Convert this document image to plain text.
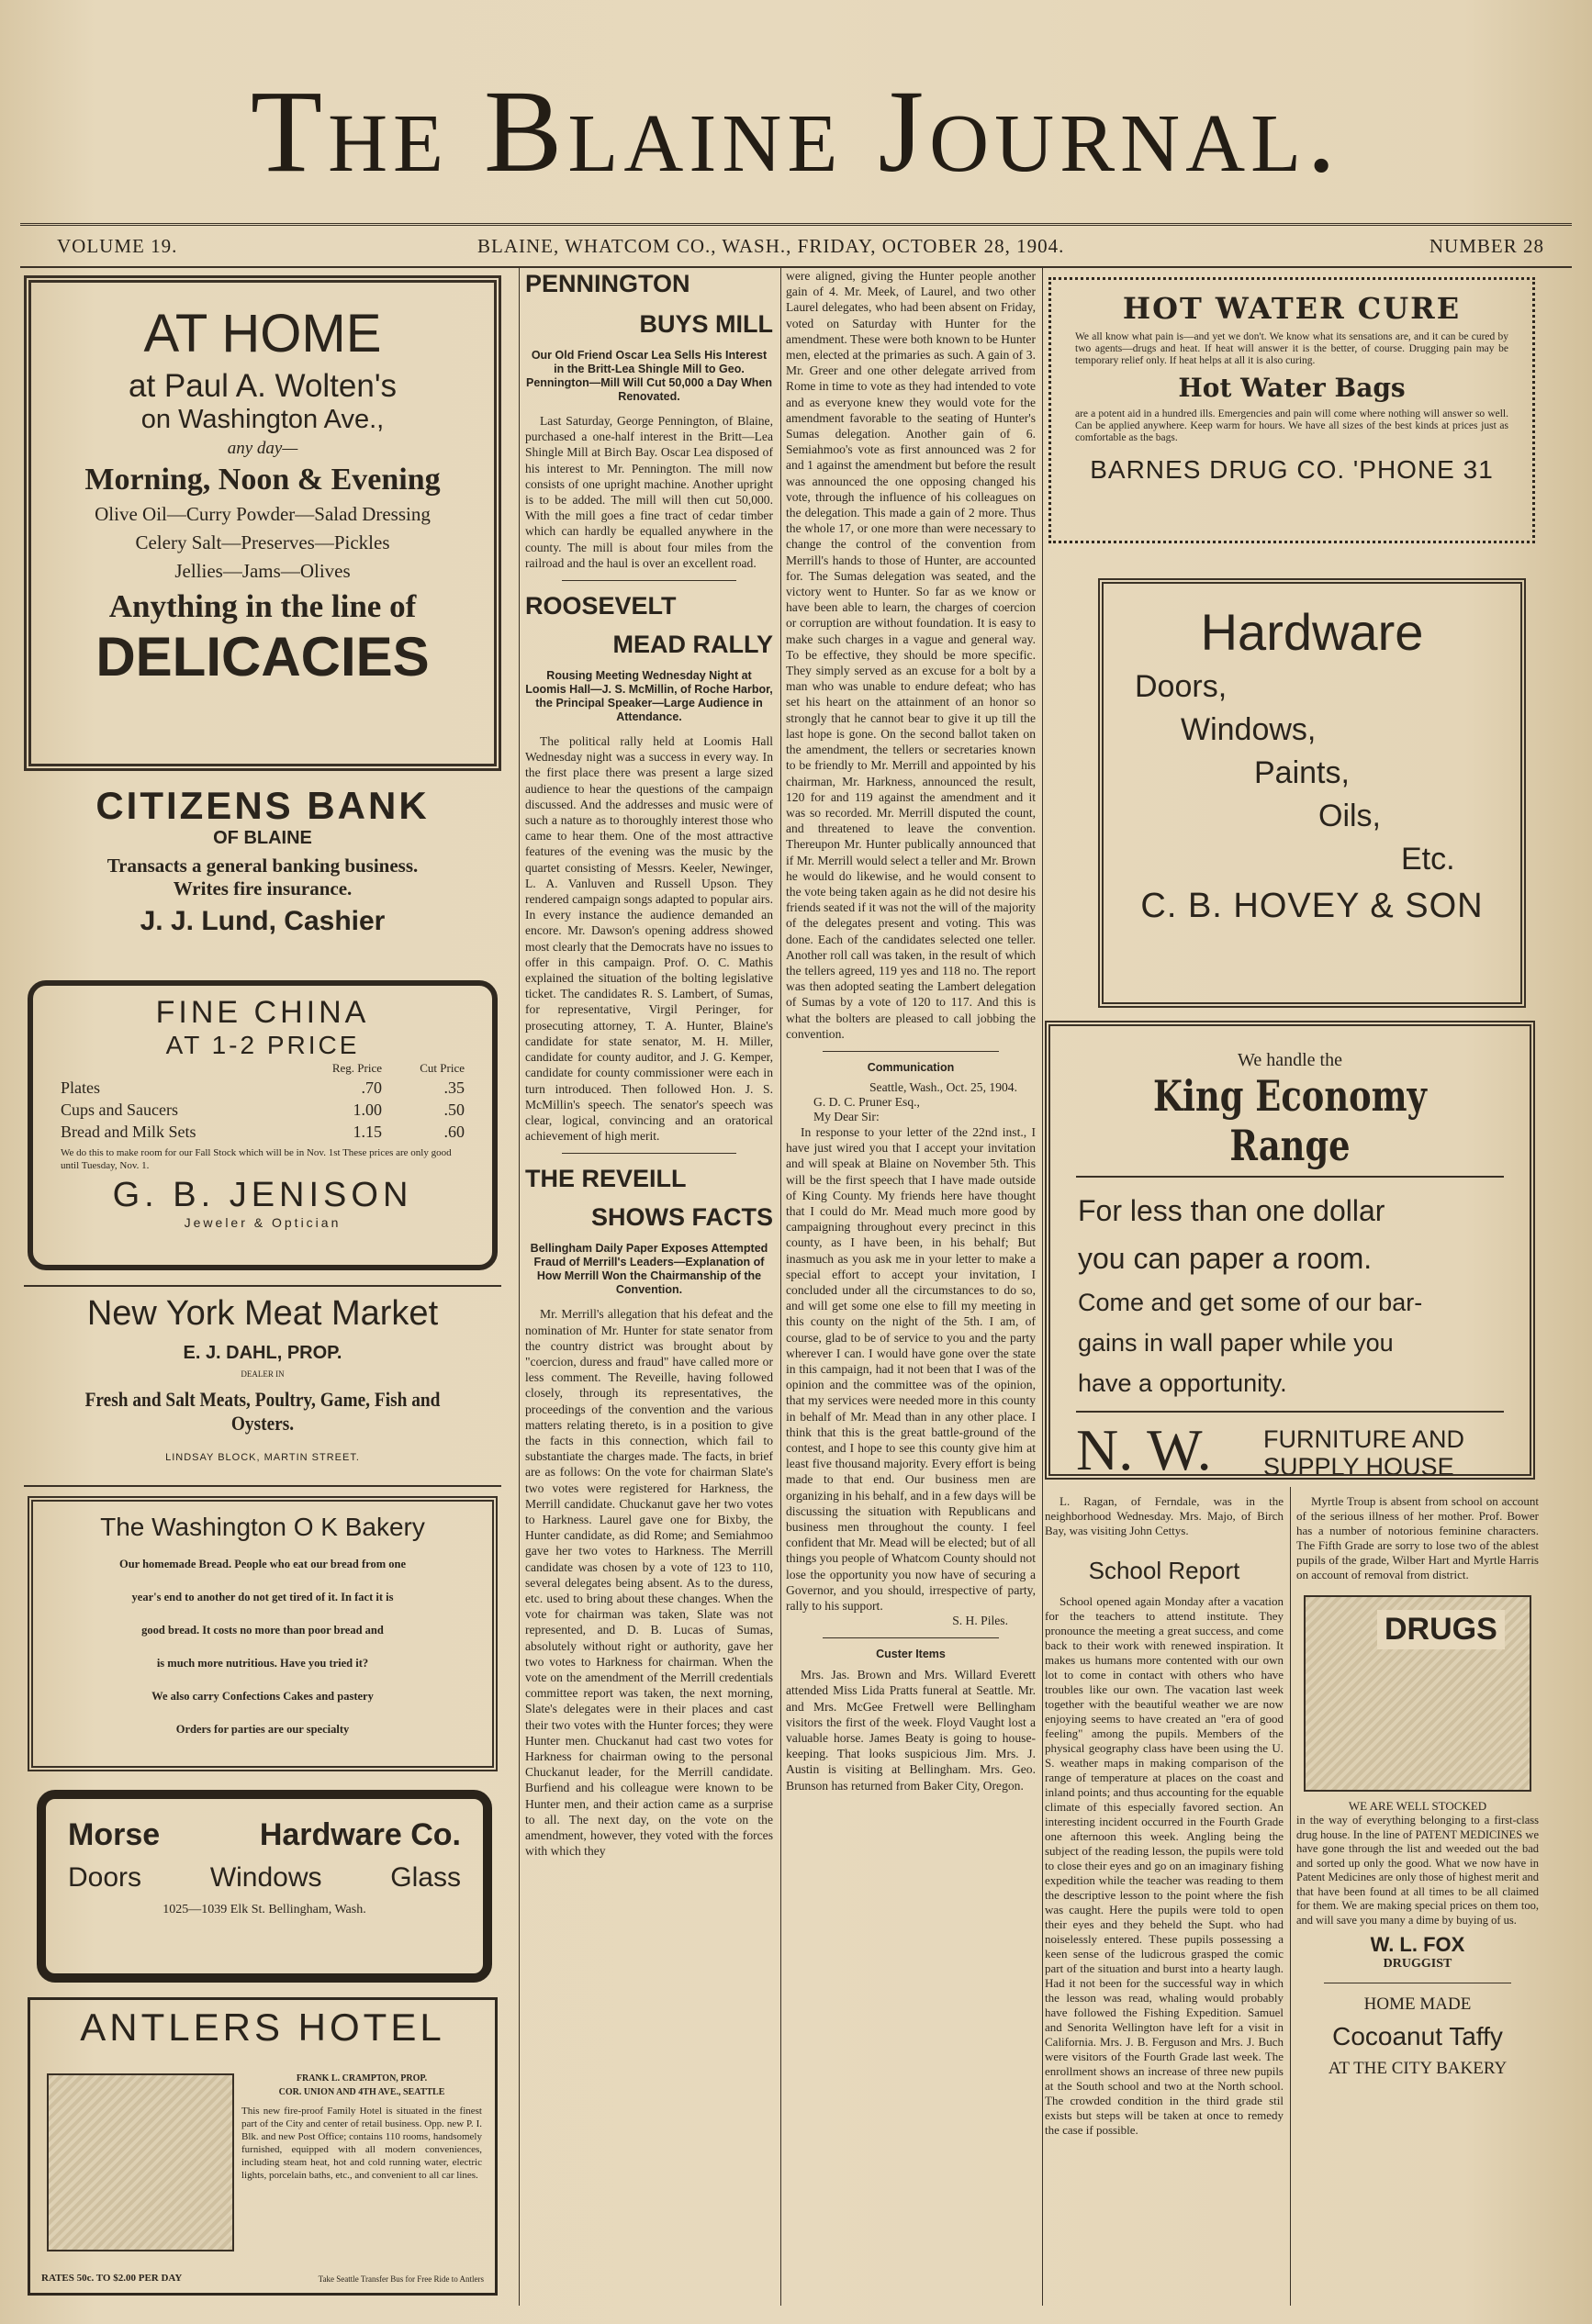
The Blaine Journal.
VOLUME 19.	BLAINE, WHATCOM CO., WASH., FRIDAY, OCTOBER 28, 1904.	NUMBER 28
AT HOME
at Paul A. Wolten's
on Washington Ave.,
any day—
Morning, Noon & Evening
Olive Oil—Curry Powder—Salad Dressing
Celery Salt—Preserves—Pickles
Jellies—Jams—Olives
Anything in the line of
DELICACIES
CITIZENS BANK
OF BLAINE
Transacts a general banking business.
Writes fire insurance.
J. J. Lund, Cashier
FINE CHINA
AT 1-2 PRICE
Reg. Price	Cut Price
Plates	.70	.35
Cups and Saucers	1.00	.50
Bread and Milk Sets	1.15	.60
We do this to make room for our Fall Stock which will be in Nov. 1st These prices are only good until Tuesday, Nov. 1.
G. B. JENISON
Jeweler & Optician
New York Meat Market
E. J. DAHL, PROP.
DEALER IN
Fresh and Salt Meats, Poultry, Game, Fish and Oysters.
LINDSAY BLOCK, MARTIN STREET.
The Washington O K Bakery
Our homemade Bread. People who eat our bread from one
year's end to another do not get tired of it. In fact it is
good bread. It costs no more than poor bread and
is much more nutritious. Have you tried it?
We also carry Confections Cakes and pastery
Orders for parties are our specialty
Morse	Hardware Co.
Doors Windows Glass
1025—1039 Elk St. Bellingham, Wash.
ANTLERS HOTEL
FRANK L. CRAMPTON, PROP.
COR. UNION AND 4TH AVE., SEATTLE
This new fire-proof Family Hotel is situated in the finest part of the City and center of retail business. Opp. new P. I. Blk. and new Post Office; contains 110 rooms, handsomely furnished, equipped with all modern conveniences, including steam heat, hot and cold running water, electric lights, porcelain baths, etc., and convenient to all car lines.
RATES 50c. TO $2.00 PER DAY	Take Seattle Transfer Bus for Free Ride to Antlers
PENNINGTON
BUYS MILL
Our Old Friend Oscar Lea Sells His Interest in the Britt-Lea Shingle Mill to Geo. Pennington—Mill Will Cut 50,000 a Day When Renovated.

Last Saturday, George Pennington, of Blaine, purchased a one-half interest in the Britt—Lea Shingle Mill at Birch Bay. Oscar Lea disposed of his interest to Mr. Pennington. The mill now consists of one upright machine. Another upright is to be added. The mill will then cut 50,000. With the mill goes a fine tract of cedar timber which can hardly be equalled anywhere in the county. The mill is about four miles from the railroad and the haul is over an excellent road.

ROOSEVELT
MEAD RALLY
Rousing Meeting Wednesday Night at Loomis Hall—J. S. McMillin, of Roche Harbor, the Principal Speaker—Large Audience in Attendance.

The political rally held at Loomis Hall Wednesday night was a success in every way. In the first place there was present a large sized audience to hear the questions of the campaign discussed. And the addresses and music were of such a nature as to thoroughly interest those who came to hear them. One of the most attractive features of the evening was the music by the quartet consisting of Messrs. Keeler, Newinger, L. A. Vanluven and Russell Upson. They rendered campaign songs adapted to popular airs. In every instance the audience demanded an encore. Mr. Dawson's opening address showed most clearly that the Democrats have no issues to offer in this campaign. Prof. O. C. Mathis explained the situation of the bolting legislative ticket. The candidates R. S. Lambert, of Sumas, for representative, Virgil Peringer, for prosecuting attorney, T. A. Hunter, Blaine's candidate for state senator, M. H. Miller, candidate for county auditor, and J. G. Kemper, candidate for county commissioner were each in turn introduced. Then followed Hon. J. S. McMillin's speech. The senator's speech was clear, logical, convincing and an oratorical achievement of high merit.

THE REVEILL
SHOWS FACTS
Bellingham Daily Paper Exposes Attempted Fraud of Merrill's Leaders—Explanation of How Merrill Won the Chairmanship of the Convention.

Mr. Merrill's allegation that his defeat and the nomination of Mr. Hunter for state senator from the country district was brought about by "coercion, duress and fraud" have called more or less comment. The Reveille, having followed closely, through its representatives, the proceedings of the convention and the various matters relating thereto, is in a position to give the facts in this connection, which fail to substantiate the charges made. The facts, in brief are as follows: On the vote for chairman Slate's two votes were registered for Harkness, the Merrill candidate. Chuckanut gave her two votes to Harkness. Laurel gave one for Bixby, the Hunter candidate, as did Rome; and Semiahmoo gave her two votes to Harkness. The Merrill candidate was chosen by a vote of 123 to 110, several delegates being absent. As to the duress, etc. used to bring about these changes. When the vote for chairman was taken, Slate was not represented, and D. B. Lucas of Sumas, absolutely without right or authority, gave her two votes to Harkness for chairman. When the vote on the amendment of the Merrill credentials committee report was taken, the next morning, Slate's delegates were in their places and cast their two votes with the Hunter forces; they were Hunter men. Chuckanut had cast two votes for Harkness for chairman owing to the personal Chuckanut leader, for the Merrill candidate. Burfiend and his colleague were known to be Hunter men, and their action came as a surprise to all. The next day, on the vote on the amendment, however, they voted with the forces with which they

were aligned, giving the Hunter people another gain of 4. Mr. Meek, of Laurel, and two other Laurel delegates, who had been absent on Friday, voted on Saturday with Hunter for the amendment. These were both known to be Hunter men, elected at the primaries as such. A gain of 3. Mr. Greer and one other delegate arrived from Rome in time to vote as they had intended to vote and as everyone knew they would vote for the amendment favorable to the seating of Hunter's Sumas delegation. Another gain of 6. Semiahmoo's vote as first announced was 2 for and 1 against the amendment but before the result was announced the one opposing changed his vote, through the influence of his colleagues on the delegation. This made a gain of 2 more. Thus the whole 17, or one more than were necessary to change the control of the convention from Merrill's hands to those of Hunter, are accounted for. The Sumas delegation was seated, and the victory went to Hunter. So far as we know or have been able to learn, the charges of coercion or corruption are without foundation. It is easy to make such charges in a vague and general way. To be effective, they should be more specific. They simply served as an excuse for a bolt by a man who was unable to endure defeat; who has set his heart on the attainment of an honor so strongly that he cannot bear to give it up till the last hope is gone. On the second ballot taken on the amendment, the tellers or secretaries known to be friendly to Mr. Merrill and appointed by his chairman, Mr. Harkness, announced the result, 120 for and 119 against the amendment and it was so recorded. Mr. Merrill disputed the count, and threatened to leave the convention. Thereupon Mr. Hunter publically announced that if Mr. Merrill would select a teller and Mr. Brown he would do likewise, and he would consent to the vote being taken again as he did not desire his friends seated if it was not the will of the majority of the delegates present and voting. This was done. Each of the candidates selected one teller. Another roll call was taken, in the result of which the tellers agreed, 119 yes and 118 no. The report was then adopted seating the Lambert delegation of Sumas by a vote of 120 to 117. And this is what the bolters are pleased to call jobbing the convention.

Communication
Seattle, Wash., Oct. 25, 1904.
G. D. C. Pruner Esq.,
My Dear Sir:

In response to your letter of the 22nd inst., I have just wired you that I accept your invitation and will speak at Blaine on November 5th. This will be the first speech that I have made outside of King County. My friends here have thought that I could do Mr. Mead much more good by campaigning throughout every precinct in this county, as I have been, in his behalf; But inasmuch as you ask me in your letter to make a special effort to accept your invitation, I concluded under all the circumstances to do so, and will get some one else to fill my meeting in this county on the night of the 5th. I am, of course, glad to be of service to you and the party wherever I can. I would have gone over the state in this campaign, had it not been that I was of the opinion and the committee was of the opinion, that my services were needed more in this county in behalf of Mr. Mead than in any other place. I think that this is the great battle-ground of the contest, and I hope to see this county give him at least five thousand majority. Every effort is being made to that end. Our business men are organizing in his behalf, and in a few days will be discussing the situation with Republicans and business men throughout the county. I feel confident that Mr. Mead will be elected; but of all things you people of Whatcom County should not lose the opportunity you now have of securing a Governor, and you should, irrespective of party, rally to his support.

S. H. Piles.
Custer Items

Mrs. Jas. Brown and Mrs. Willard Everett attended Miss Lida Pratts funeral at Seattle. Mr. and Mrs. McGee Fretwell were Bellingham visitors the first of the week. Floyd Vaught lost a valuable horse. James Beaty is going to house-keeping. That looks suspicious Jim. Mrs. J. Austin is visiting at Bellingham. Mrs. Geo. Brunson has returned from Baker City, Oregon.

HOT WATER CURE
We all know what pain is—and yet we don't. We know what its sensations are, and it can be cured by two agents—drugs and heat. If heat will answer it is the better, of course. Drugging pain may be temporary relief only. If heat helps at all it is also curing.
Hot Water Bags
are a potent aid in a hundred ills. Emergencies and pain will come where nothing will answer so well. Can be applied anywhere. Keep warm for hours. We have all sizes of the best kinds at prices just as comfortable as the bags.
BARNES DRUG CO. 'PHONE 31
Hardware
Doors,
Windows,
Paints,
Oils,
Etc.
C. B. HOVEY & SON
We handle the
King Economy Range
For less than one dollar
you can paper a room.
Come and get some of our bar-
gains in wall paper while you
have a opportunity.
N. W. FURNITURE AND
SUPPLY HOUSE

L. Ragan, of Ferndale, was in the neighborhood Wednesday. Mrs. Majo, of Birch Bay, was visiting John Cettys.

School Report

School opened again Monday after a vacation for the teachers to attend institute. They pronounce the meeting a great success, and come back to their work with renewed inspiration. It makes us humans more contented with our own lot to come in contact with others who have troubles like our own. The vacation last week together with the beautiful weather we are now enjoying seems to have created an "era of good feeling" among the pupils. Members of the physical geography class have been using the U. S. weather maps in making comparison of the range of temperature at places on the coast and inland points; and thus accounting for the equable climate of this especially favored section. An interesting incident occurred in the Fourth Grade one afternoon this week. Angling being the subject of the reading lesson, the pupils were told to close their eyes and go on an imaginary fishing expedition while the teacher was reading to them the descriptive lesson to the point where the fish was caught. Here the pupils were told to open their eyes and they beheld the Supt. who had noiselessly entered. These pupils possessing a keen sense of the ludicrous grasped the comic part of the situation and burst into a hearty laugh. Had it not been for the successful way in which the lesson was read, whaling would probably have followed the Fishing Expedition. Samuel and Senorita Wellington have left for a visit in California. Mrs. J. B. Ferguson and Mrs. J. Buch were visitors of the Fourth Grade last week. The enrollment shows an increase of three new pupils at the South school and two at the North school. The crowded condition in the third grade stil exists but steps will be taken at once to remedy the case if possible.

Myrtle Troup is absent from school on account of the serious illness of her mother. Prof. Bower has a number of notorious feminine characters. The Fifth Grade are sorry to lose two of the ablest pupils of the grade, Wilber Hart and Myrtle Harris on account of removal from district.

DRUGS
WE ARE WELL STOCKED

in the way of everything belonging to a first-class drug house. In the line of PATENT MEDICINES we have gone through the list and weeded out the bad and sorted up only the good. What we now have in Patent Medicines are only those of highest merit and that have been found at all times to be all claimed for them. We are making special prices on them too, and will save you many a dime by buying of us.

W. L. FOX
DRUGGIST
HOME MADE
Cocoanut Taffy
AT THE CITY BAKERY
